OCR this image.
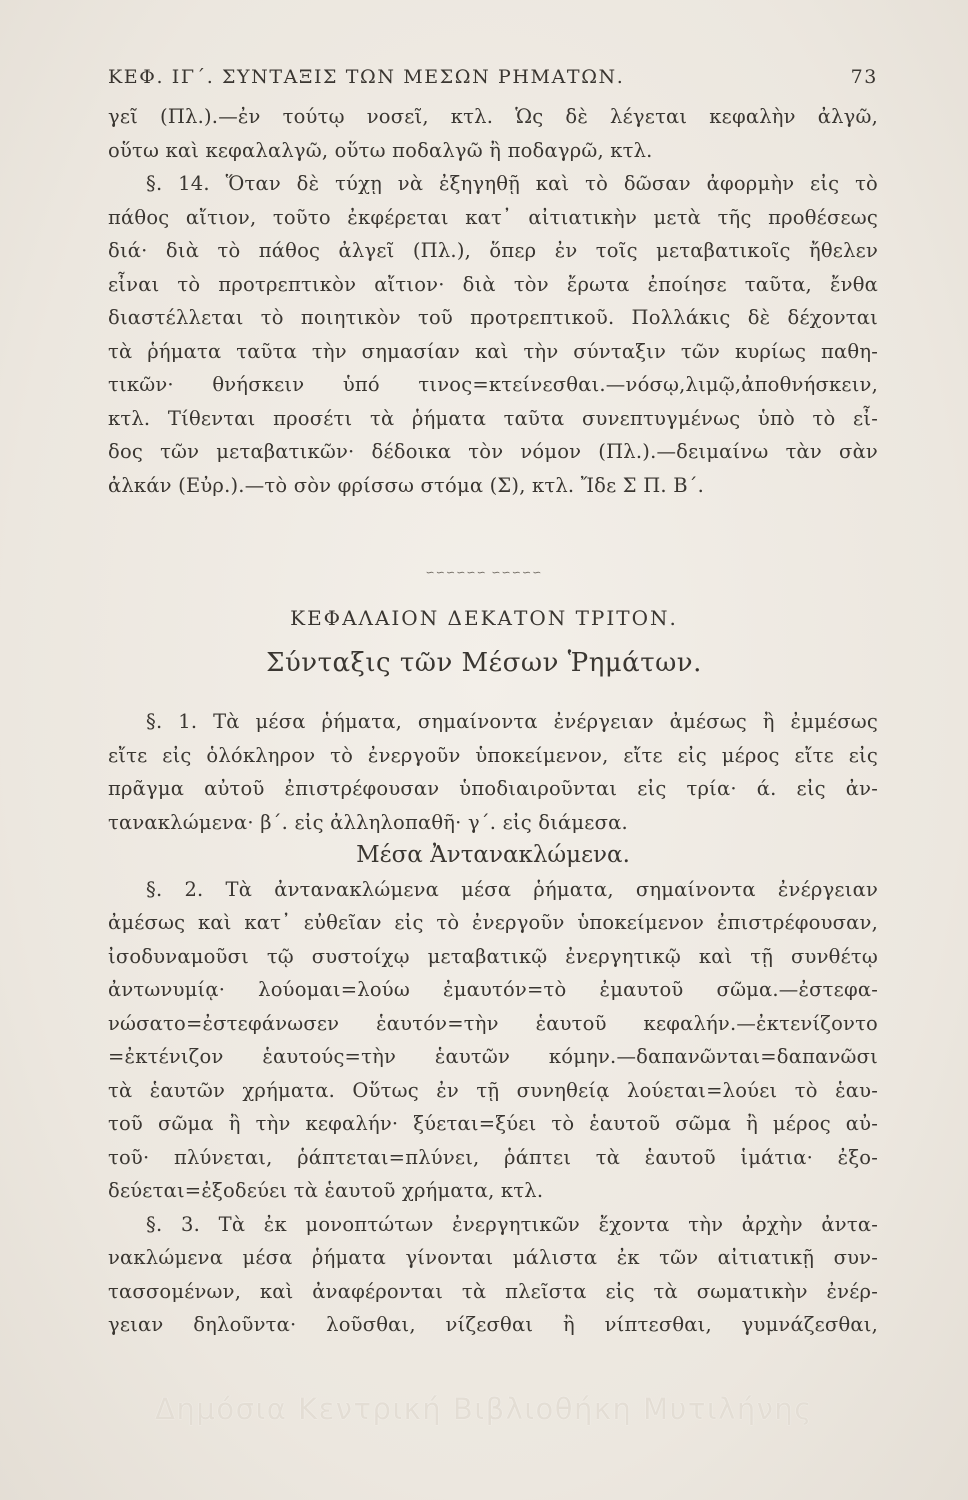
ΚΕΦ. ΙΓ΄. ΣΥΝΤΑΞΙΣ ΤΩΝ ΜΕΣΩΝ ΡΗΜΑΤΩΝ.	73
γεῖ (Πλ.).—ἐν τούτῳ νοσεῖ, κτλ. Ὡς δὲ λέγεται κεφαλὴν ἀλγῶ,
οὕτω καὶ κεφαλαλγῶ, οὕτω ποδαλγῶ ἢ ποδαγρῶ, κτλ.
§. 14. Ὅταν δὲ τύχῃ νὰ ἐξηγηθῇ καὶ τὸ δῶσαν ἀφορμὴν εἰς τὸ
πάθος αἴτιον, τοῦτο ἐκφέρεται κατ᾽ αἰτιατικὴν μετὰ τῆς προθέσεως
διά· διὰ τὸ πάθος ἀλγεῖ (Πλ.), ὅπερ ἐν τοῖς μεταβατικοῖς ἤθελεν
εἶναι τὸ προτρεπτικὸν αἴτιον· διὰ τὸν ἔρωτα ἐποίησε ταῦτα, ἔνθα
διαστέλλεται τὸ ποιητικὸν τοῦ προτρεπτικοῦ. Πολλάκις δὲ δέχονται
τὰ ῥήματα ταῦτα τὴν σημασίαν καὶ τὴν σύνταξιν τῶν κυρίως παθη-
τικῶν· θνήσκειν ὑπό τινος=κτείνεσθαι.—νόσῳ,λιμῷ,ἀποθνήσκειν,
κτλ. Τίθενται προσέτι τὰ ῥήματα ταῦτα συνεπτυγμένως ὑπὸ τὸ εἶ-
δος τῶν μεταβατικῶν· δέδοικα τὸν νόμον (Πλ.).—δειμαίνω τὰν σὰν
ἀλκάν (Εὐρ.).—τὸ σὸν φρίσσω στόμα (Σ), κτλ. Ἴδε Σ Π. Β΄.
∽∽∽∽∽∽ ∽∽∽∽∽
ΚΕΦΑΛΑΙΟΝ ΔΕΚΑΤΟΝ ΤΡΙΤΟΝ.
Σύνταξις τῶν Μέσων Ῥημάτων.
§. 1. Τὰ μέσα ῥήματα, σημαίνοντα ἐνέργειαν ἀμέσως ἢ ἐμμέσως
εἴτε εἰς ὁλόκληρον τὸ ἐνεργοῦν ὑποκείμενον, εἴτε εἰς μέρος εἴτε εἰς
πρᾶγμα αὐτοῦ ἐπιστρέφουσαν ὑποδιαιροῦνται εἰς τρία· ά. εἰς ἀν-
τανακλώμενα· β΄. εἰς ἀλληλοπαθῆ· γ΄. εἰς διάμεσα.
Μέσα Ἀντανακλώμενα.
§. 2. Τὰ ἀντανακλώμενα μέσα ῥήματα, σημαίνοντα ἐνέργειαν
ἀμέσως καὶ κατ᾽ εὐθεῖαν εἰς τὸ ἐνεργοῦν ὑποκείμενον ἐπιστρέφουσαν,
ἰσοδυναμοῦσι τῷ συστοίχῳ μεταβατικῷ ἐνεργητικῷ καὶ τῇ συνθέτῳ
ἀντωνυμίᾳ· λούομαι=λούω ἐμαυτόν=τὸ ἐμαυτοῦ σῶμα.—ἐστεφα-
νώσατο=ἐστεφάνωσεν ἑαυτόν=τὴν ἑαυτοῦ κεφαλήν.—ἐκτενίζοντο
=ἐκτένιζον ἑαυτούς=τὴν ἑαυτῶν κόμην.—δαπανῶνται=δαπανῶσι
τὰ ἑαυτῶν χρήματα. Οὕτως ἐν τῇ συνηθείᾳ λούεται=λούει τὸ ἑαυ-
τοῦ σῶμα ἢ τὴν κεφαλήν· ξύεται=ξύει τὸ ἑαυτοῦ σῶμα ἢ μέρος αὐ-
τοῦ· πλύνεται, ῥάπτεται=πλύνει, ῥάπτει τὰ ἑαυτοῦ ἱμάτια· ἐξο-
δεύεται=ἐξοδεύει τὰ ἑαυτοῦ χρήματα, κτλ.
§. 3. Τὰ ἐκ μονοπτώτων ἐνεργητικῶν ἔχοντα τὴν ἀρχὴν ἀντα-
νακλώμενα μέσα ῥήματα γίνονται μάλιστα ἐκ τῶν αἰτιατικῇ συν-
τασσομένων, καὶ ἀναφέρονται τὰ πλεῖστα εἰς τὰ σωματικὴν ἐνέρ-
γειαν δηλοῦντα· λοῦσθαι, νίζεσθαι ἢ νίπτεσθαι, γυμνάζεσθαι,
Δημόσια Κεντρική Βιβλιοθήκη Μυτιλήνης
